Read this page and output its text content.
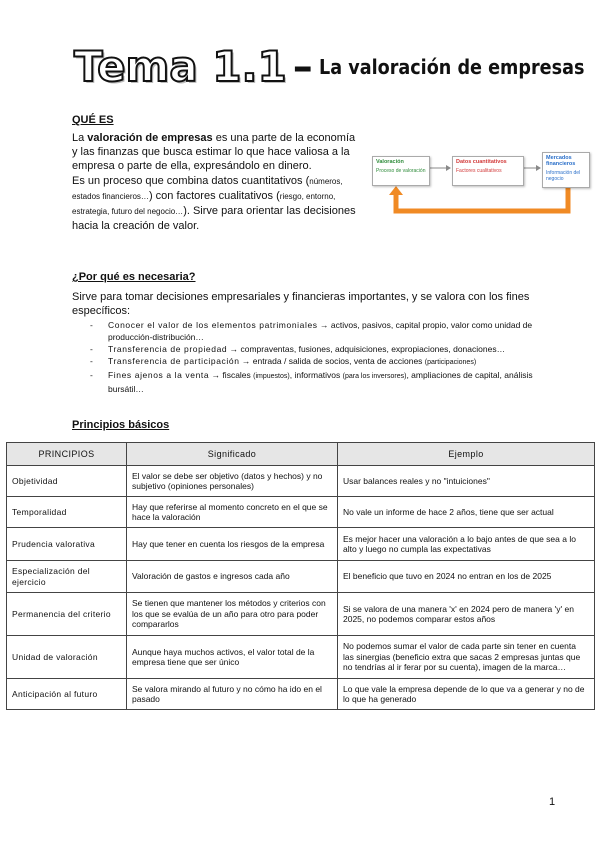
Tema 1.1 – La valoración de empresas
QUÉ ES
La valoración de empresas es una parte de la economía y las finanzas que busca estimar lo que hace valiosa a la empresa o parte de ella, expresándolo en dinero.
Es un proceso que combina datos cuantitativos (números, estados financieros…) con factores cualitativos (riesgo, entorno, estrategia, futuro del negocio…). Sirve para orientar las decisiones hacia la creación de valor.
Valoración
Proceso de valoración
Datos cuantitativos
Factores cualitativos
Mercados financieros
Información del negocio
¿Por qué es necesaria?
Sirve para tomar decisiones empresariales y financieras importantes, y se valora con los fines específicos:
- Conocer el valor de los elementos patrimoniales → activos, pasivos, capital propio, valor como unidad de producción-distribución…
- Transferencia de propiedad → compraventas, fusiones, adquisiciones, expropiaciones, donaciones…
- Transferencia de participación → entrada / salida de socios, venta de acciones (participaciones)
- Fines ajenos a la venta → fiscales (impuestos), informativos (para los inversores), ampliaciones de capital, análisis bursátil…
Principios básicos
PRINCIPIOS	Significado	Ejemplo
Objetividad	El valor se debe ser objetivo (datos y hechos) y no subjetivo (opiniones personales)	Usar balances reales y no "intuiciones"
Temporalidad	Hay que referirse al momento concreto en el que se hace la valoración	No vale un informe de hace 2 años, tiene que ser actual
Prudencia valorativa	Hay que tener en cuenta los riesgos de la empresa	Es mejor hacer una valoración a lo bajo antes de que sea a lo alto y luego no cumpla las expectativas
Especialización del ejercicio	Valoración de gastos e ingresos cada año	El beneficio que tuvo en 2024 no entran en los de 2025
Permanencia del criterio	Se tienen que mantener los métodos y criterios con los que se evalúa de un año para otro para poder compararlos	Si se valora de una manera 'x' en 2024 pero de manera 'y' en 2025, no podemos comparar estos años
Unidad de valoración	Aunque haya muchos activos, el valor total de la empresa tiene que ser único	No podemos sumar el valor de cada parte sin tener en cuenta las sinergias (beneficio extra que sacas 2 empresas juntas que no tendrías al ir ferar por su cuenta), imagen de la marca…
Anticipación al futuro	Se valora mirando al futuro y no cómo ha ido en el pasado	Lo que vale la empresa depende de lo que va a generar y no de lo que ha generado
1
